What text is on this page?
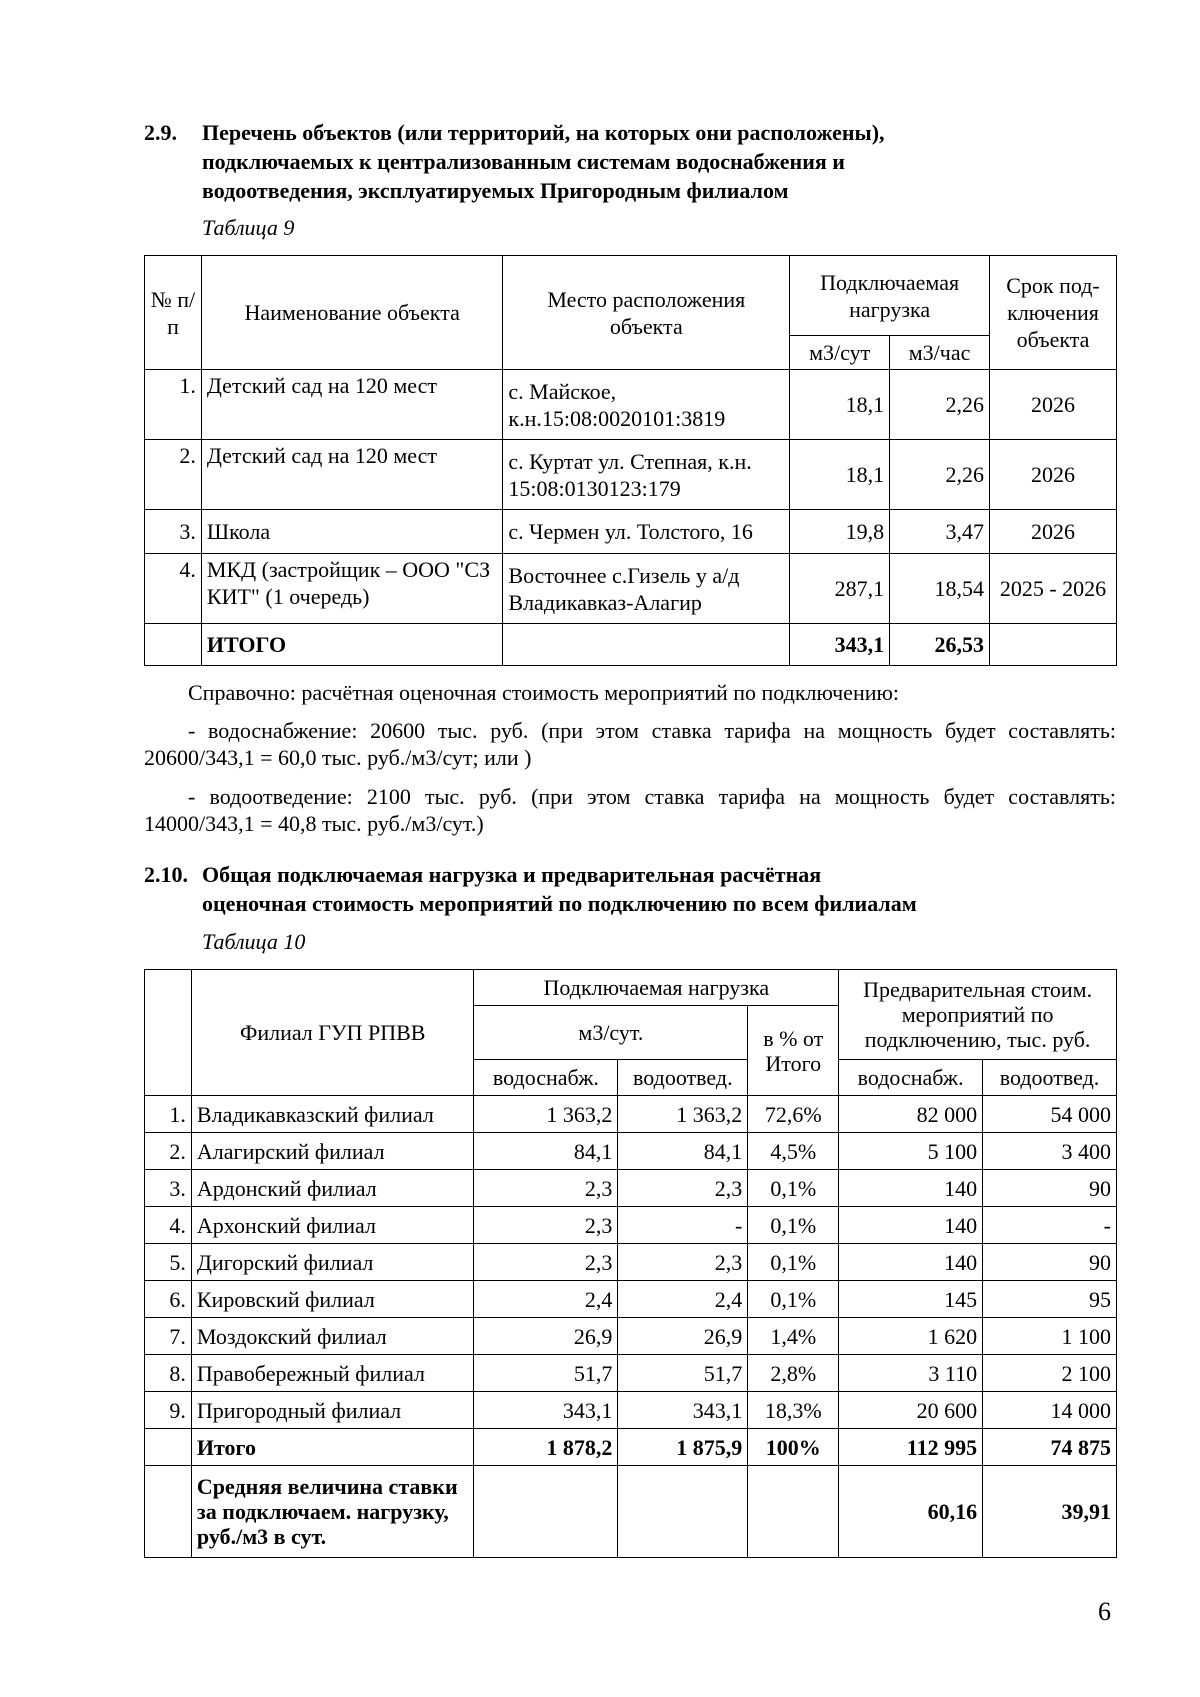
2.9. Перечень объектов (или территорий, на которых они расположены),
подключаемых к централизованным системам водоснабжения и
водоотведения, эксплуатируемых Пригородным филиалом
Таблица 9
№ п/п	Наименование объекта	Место расположения объекта	Подключаемая нагрузка		Срок под- ключения объекта
			м3/сут	м3/час	
1.	Детский сад на 120 мест	с. Майское, к.н.15:08:0020101:3819	18,1	2,26	2026
2.	Детский сад на 120 мест	с. Куртат ул. Степная, к.н. 15:08:0130123:179	18,1	2,26	2026
3.	Школа	с. Чермен ул. Толстого, 16	19,8	3,47	2026
4.	МКД (застройщик – ООО "СЗ КИТ" (1 очередь)	Восточнее с.Гизель у а/д Владикавказ-Алагир	287,1	18,54	2025 - 2026
	ИТОГО		343,1	26,53	
Справочно: расчётная оценочная стоимость мероприятий по подключению:
- водоснабжение: 20600 тыс. руб. (при этом ставка тарифа на мощность будет составлять: 20600/343,1 = 60,0 тыс. руб./м3/сут; или )
- водоотведение: 2100 тыс. руб. (при этом ставка тарифа на мощность будет составлять: 14000/343,1 = 40,8 тыс. руб./м3/сут.)
2.10. Общая подключаемая нагрузка и предварительная расчётная
оценочная стоимость мероприятий по подключению по всем филиалам
Таблица 10
	Филиал ГУП РПВВ	Подключаемая нагрузка			Предварительная стоим. мероприятий по подключению, тыс. руб.	
		м3/сут.		в % от Итого		
		водоснабж.	водоотвед.		водоснабж.	водоотвед.
1.	Владикавказский филиал	1 363,2	1 363,2	72,6%	82 000	54 000
2.	Алагирский филиал	84,1	84,1	4,5%	5 100	3 400
3.	Ардонский филиал	2,3	2,3	0,1%	140	90
4.	Архонский филиал	2,3	-	0,1%	140	-
5.	Дигорский филиал	2,3	2,3	0,1%	140	90
6.	Кировский филиал	2,4	2,4	0,1%	145	95
7.	Моздокский филиал	26,9	26,9	1,4%	1 620	1 100
8.	Правобережный филиал	51,7	51,7	2,8%	3 110	2 100
9.	Пригородный филиал	343,1	343,1	18,3%	20 600	14 000
	Итого	1 878,2	1 875,9	100%	112 995	74 875
	Средняя величина ставки за подключаем. нагрузку, руб./м3 в сут.				60,16	39,91
6
